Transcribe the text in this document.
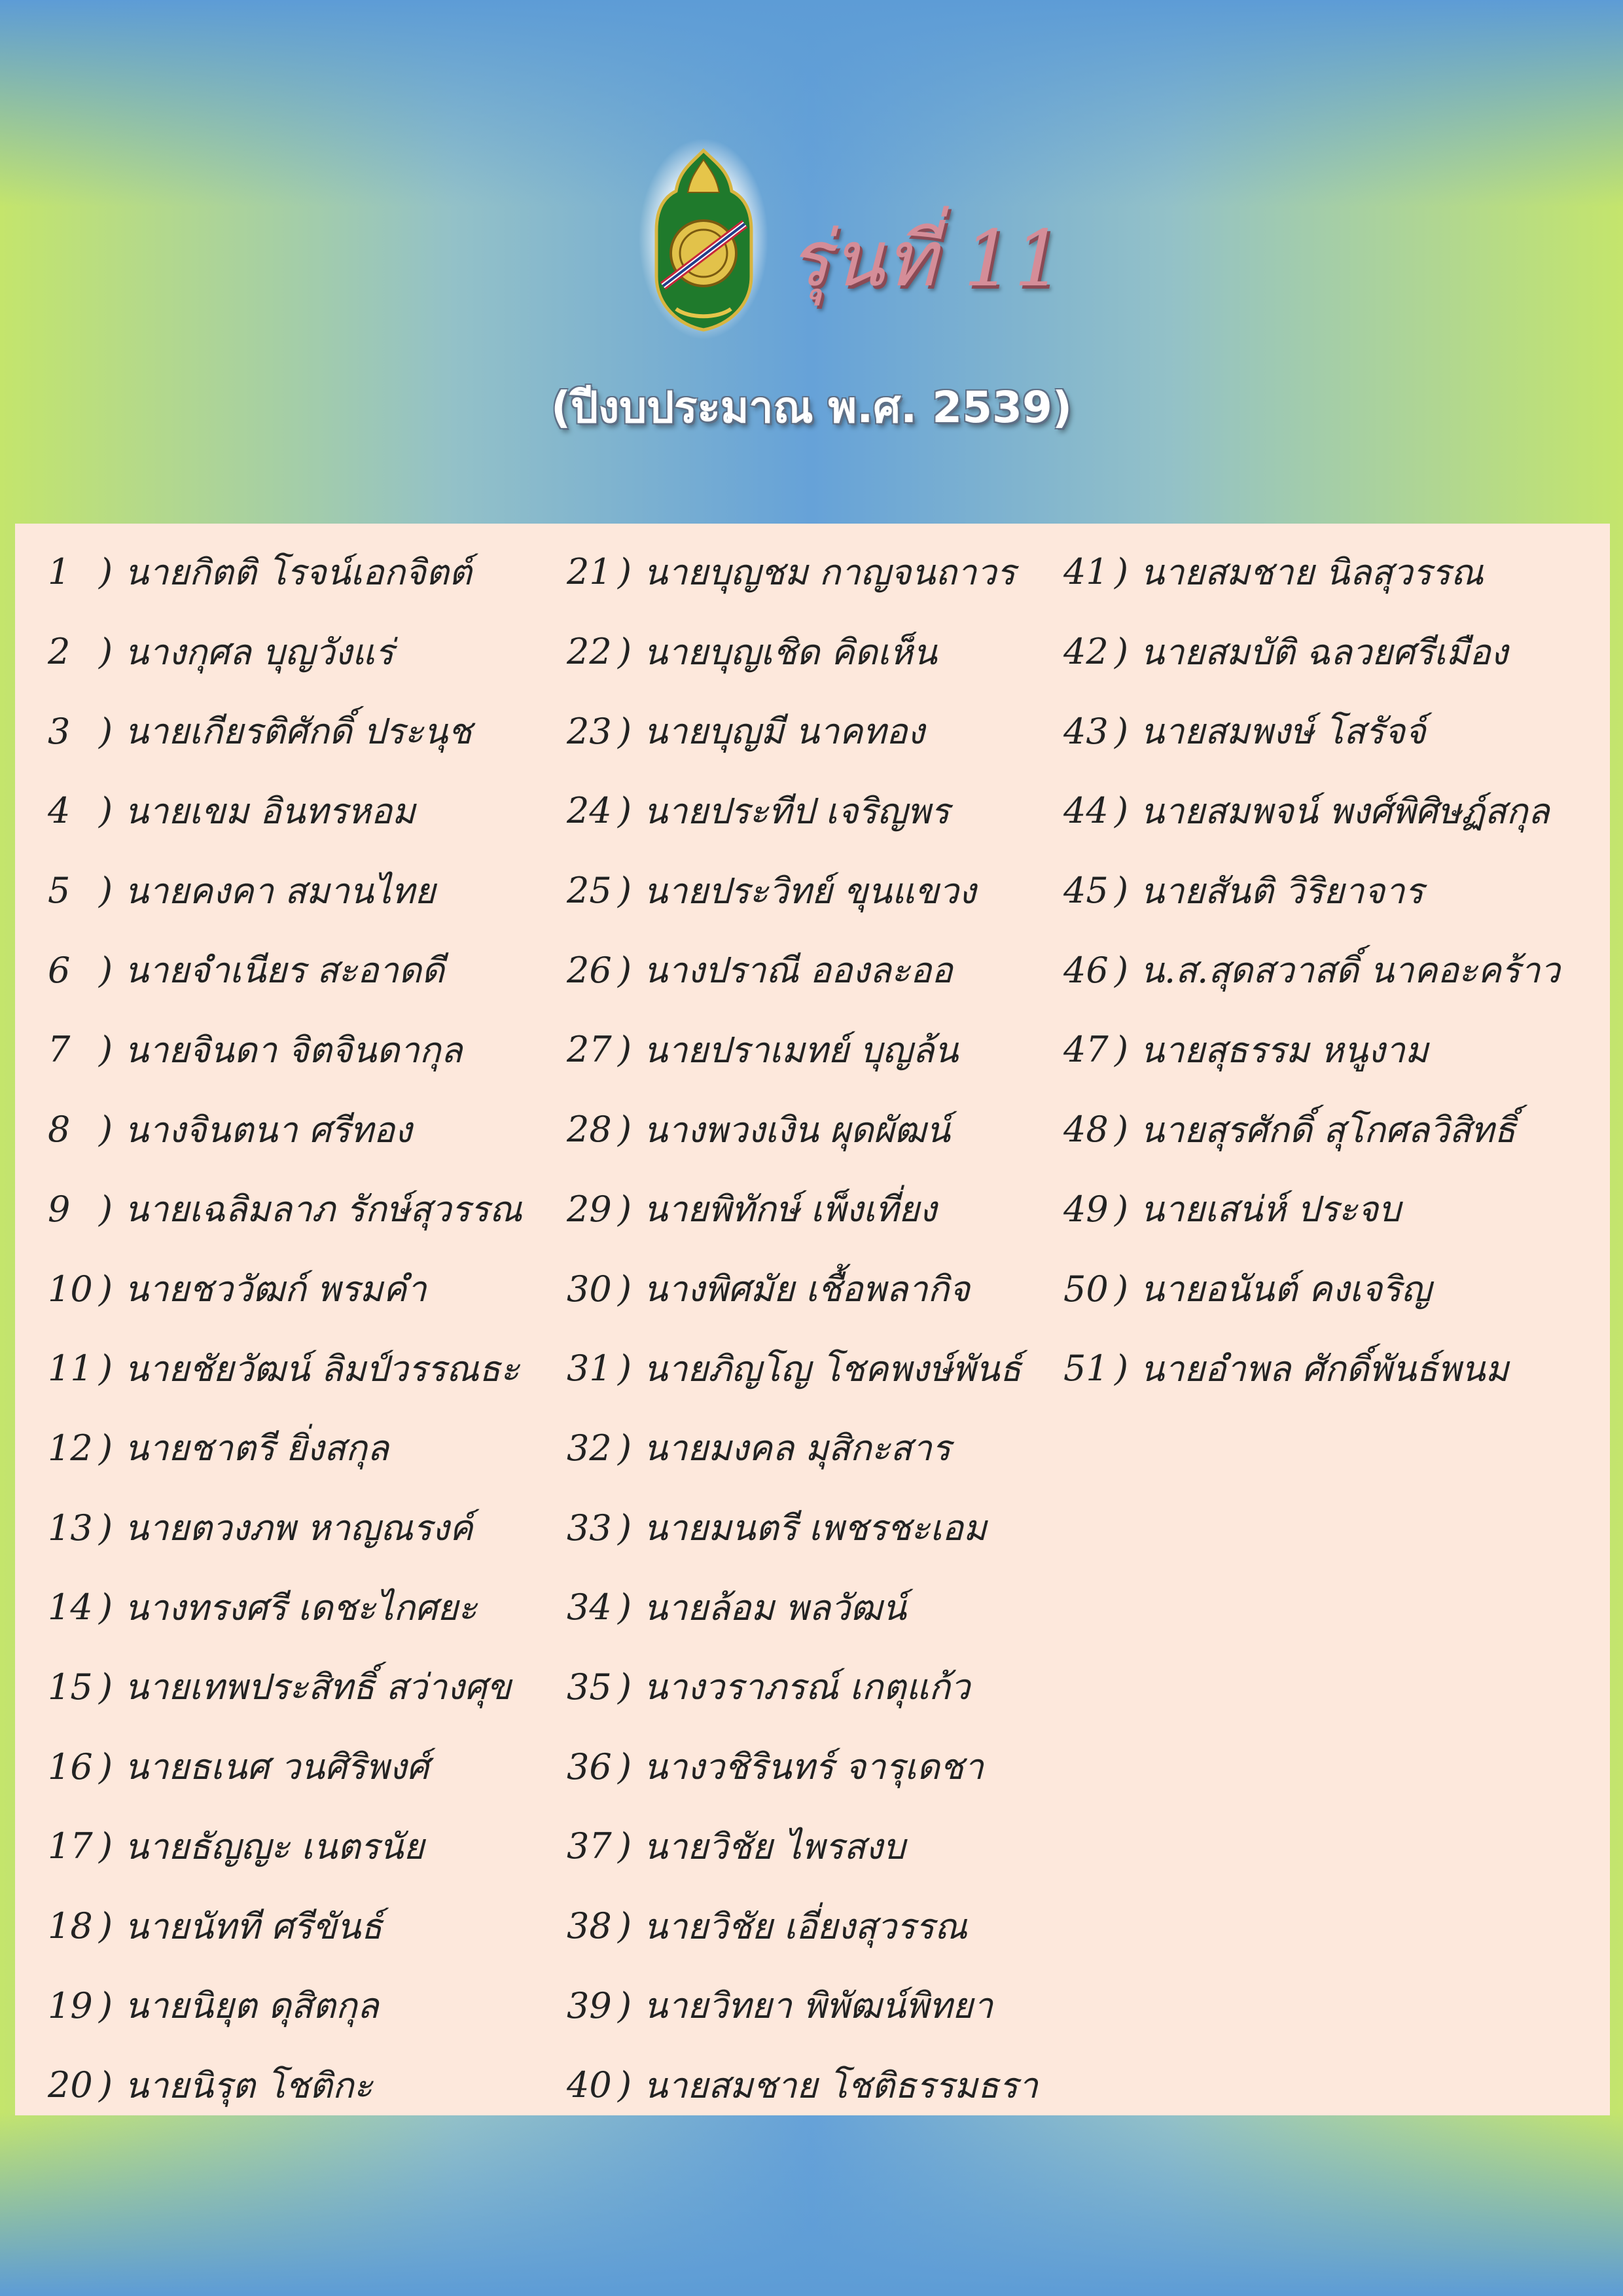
รุ่นที่ 11
(ปีงบประมาณ พ.ศ. 2539)
1 ) นายกิตติ โรจน์เอกจิตต์
2 ) นางกุศล บุญวังแร่
3 ) นายเกียรติศักดิ์ ประนุช
4 ) นายเขม อินทรหอม
5 ) นายคงคา สมานไทย
6 ) นายจำเนียร สะอาดดี
7 ) นายจินดา จิตจินดากุล
8 ) นางจินตนา ศรีทอง
9 ) นายเฉลิมลาภ รักษ์สุวรรณ
10 ) นายชววัฒก์ พรมคำ
11 ) นายชัยวัฒน์ ลิมป์วรรณธะ
12 ) นายชาตรี ยิ่งสกุล
13 ) นายตวงภพ หาญณรงค์
14 ) นางทรงศรี เดชะไกศยะ
15 ) นายเทพประสิทธิ์ สว่างศุข
16 ) นายธเนศ วนศิริพงศ์
17 ) นายธัญญะ เนตรนัย
18 ) นายนัทที ศรีขันธ์
19 ) นายนิยุต ดุสิตกุล
20 ) นายนิรุต โชติกะ
21 ) นายบุญชม กาญจนถาวร
22 ) นายบุญเชิด คิดเห็น
23 ) นายบุญมี นาคทอง
24 ) นายประทีป เจริญพร
25 ) นายประวิทย์ ขุนแขวง
26 ) นางปราณี อองละออ
27 ) นายปราเมทย์ บุญล้น
28 ) นางพวงเงิน ผุดผัฒน์
29 ) นายพิทักษ์ เพ็งเที่ยง
30 ) นางพิศมัย เชื้อพลากิจ
31 ) นายภิญโญ โชคพงษ์พันธ์
32 ) นายมงคล มุสิกะสาร
33 ) นายมนตรี เพชรชะเอม
34 ) นายล้อม พลวัฒน์
35 ) นางวราภรณ์ เกตุแก้ว
36 ) นางวชิรินทร์ จารุเดชา
37 ) นายวิชัย ไพรสงบ
38 ) นายวิชัย เอี่ยงสุวรรณ
39 ) นายวิทยา พิพัฒน์พิทยา
40 ) นายสมชาย โชติธรรมธรา
41 ) นายสมชาย นิลสุวรรณ
42 ) นายสมบัติ ฉลวยศรีเมือง
43 ) นายสมพงษ์ โสรัจจ์
44 ) นายสมพจน์ พงศ์พิศิษฏ์สกุล
45 ) นายสันติ วิริยาจาร
46 ) น.ส.สุดสวาสดิ์ นาคอะคร้าว
47 ) นายสุธรรม หนูงาม
48 ) นายสุรศักดิ์ สุโกศลวิสิทธิ์
49 ) นายเสน่ห์ ประจบ
50 ) นายอนันต์ คงเจริญ
51 ) นายอำพล ศักดิ์พันธ์พนม
